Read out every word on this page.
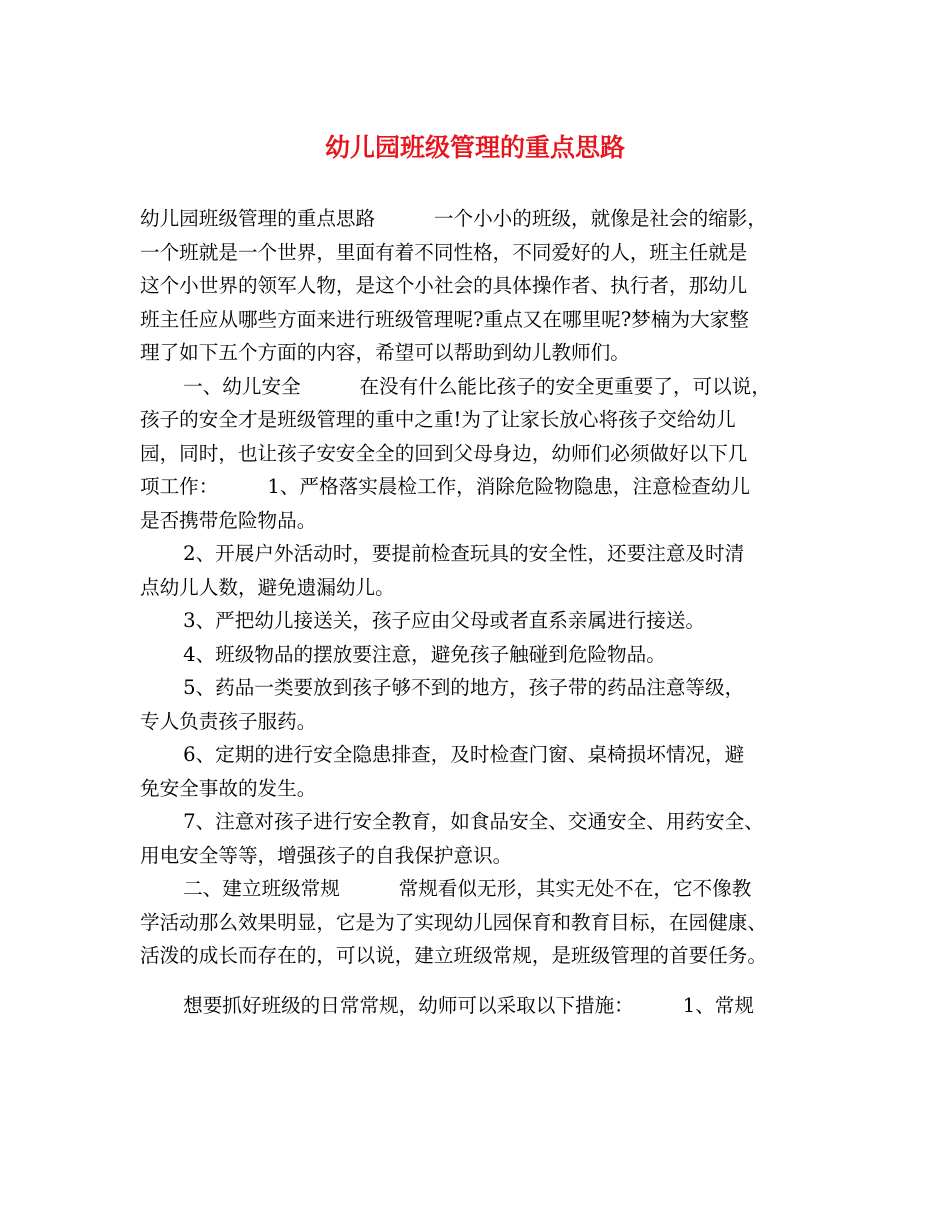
幼儿园班级管理的重点思路
幼儿园班级管理的重点思路　　　一个小小的班级，就像是社会的缩影，
一个班就是一个世界，里面有着不同性格，不同爱好的人，班主任就是
这个小世界的领军人物，是这个小社会的具体操作者、执行者，那幼儿
班主任应从哪些方面来进行班级管理呢?重点又在哪里呢?梦楠为大家整
理了如下五个方面的内容，希望可以帮助到幼儿教师们。
一、幼儿安全　　　在没有什么能比孩子的安全更重要了，可以说，
孩子的安全才是班级管理的重中之重!为了让家长放心将孩子交给幼儿
园，同时，也让孩子安安全全的回到父母身边，幼师们必须做好以下几
项工作：　　　1、严格落实晨检工作，消除危险物隐患，注意检查幼儿
是否携带危险物品。
2、开展户外活动时，要提前检查玩具的安全性，还要注意及时清
点幼儿人数，避免遗漏幼儿。
3、严把幼儿接送关，孩子应由父母或者直系亲属进行接送。
4、班级物品的摆放要注意，避免孩子触碰到危险物品。
5、药品一类要放到孩子够不到的地方，孩子带的药品注意等级，
专人负责孩子服药。
6、定期的进行安全隐患排查，及时检查门窗、桌椅损坏情况，避
免安全事故的发生。
7、注意对孩子进行安全教育，如食品安全、交通安全、用药安全、
用电安全等等，增强孩子的自我保护意识。
二、建立班级常规　　　常规看似无形，其实无处不在，它不像教
学活动那么效果明显，它是为了实现幼儿园保育和教育目标，在园健康、
活泼的成长而存在的，可以说，建立班级常规，是班级管理的首要任务。
想要抓好班级的日常常规，幼师可以采取以下措施：　　　1、常规
